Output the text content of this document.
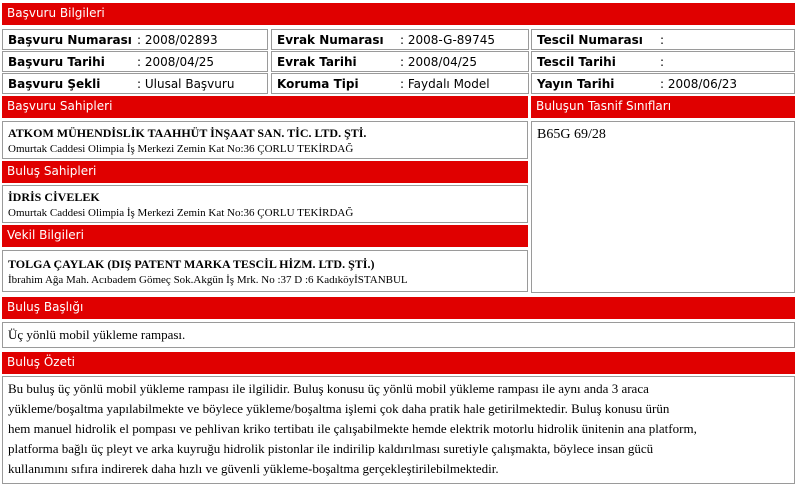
Başvuru Bilgileri
Başvuru Numarası : 2008/02893	Evrak Numarası : 2008-G-89745	Tescil Numarası :
Başvuru Tarihi	: 2008/04/25	Evrak Tarihi	: 2008/04/25	Tescil Tarihi	:
Başvuru Şekli	: Ulusal Başvuru	Koruma Tipi	: Faydalı Model	Yayın Tarihi	: 2008/06/23
Başvuru Sahipleri
ATKOM MÜHENDİSLİK TAAHHÜT İNŞAAT SAN. TİC. LTD. ŞTİ.
Omurtak Caddesi Olimpia İş Merkezi Zemin Kat No:36 ÇORLU TEKİRDAĞ
Buluşun Tasnif Sınıfları
B65G 69/28
Buluş Sahipleri
İDRİS CİVELEK
Omurtak Caddesi Olimpia İş Merkezi Zemin Kat No:36 ÇORLU TEKİRDAĞ
Vekil Bilgileri
TOLGA ÇAYLAK (DIŞ PATENT MARKA TESCİL HİZM. LTD. ŞTİ.)
İbrahim Ağa Mah. Acıbadem Gömeç Sok.Akgün İş Mrk. No :37 D :6 KadıköyİSTANBUL
Buluş Başlığı
Üç yönlü mobil yükleme rampası.
Buluş Özeti
Bu buluş üç yönlü mobil yükleme rampası ile ilgilidir. Buluş konusu üç yönlü mobil yükleme rampası ile aynı anda 3 araca
yükleme/boşaltma yapılabilmekte ve böylece yükleme/boşaltma işlemi çok daha pratik hale getirilmektedir. Buluş konusu ürün
hem manuel hidrolik el pompası ve pehlivan kriko tertibatı ile çalışabilmekte hemde elektrik motorlu hidrolik ünitenin ana platform,
platforma bağlı üç pleyt ve arka kuyruğu hidrolik pistonlar ile indirilip kaldırılması suretiyle çalışmakta, böylece insan gücü
kullanımını sıfıra indirerek daha hızlı ve güvenli yükleme-boşaltma gerçekleştirilebilmektedir.
